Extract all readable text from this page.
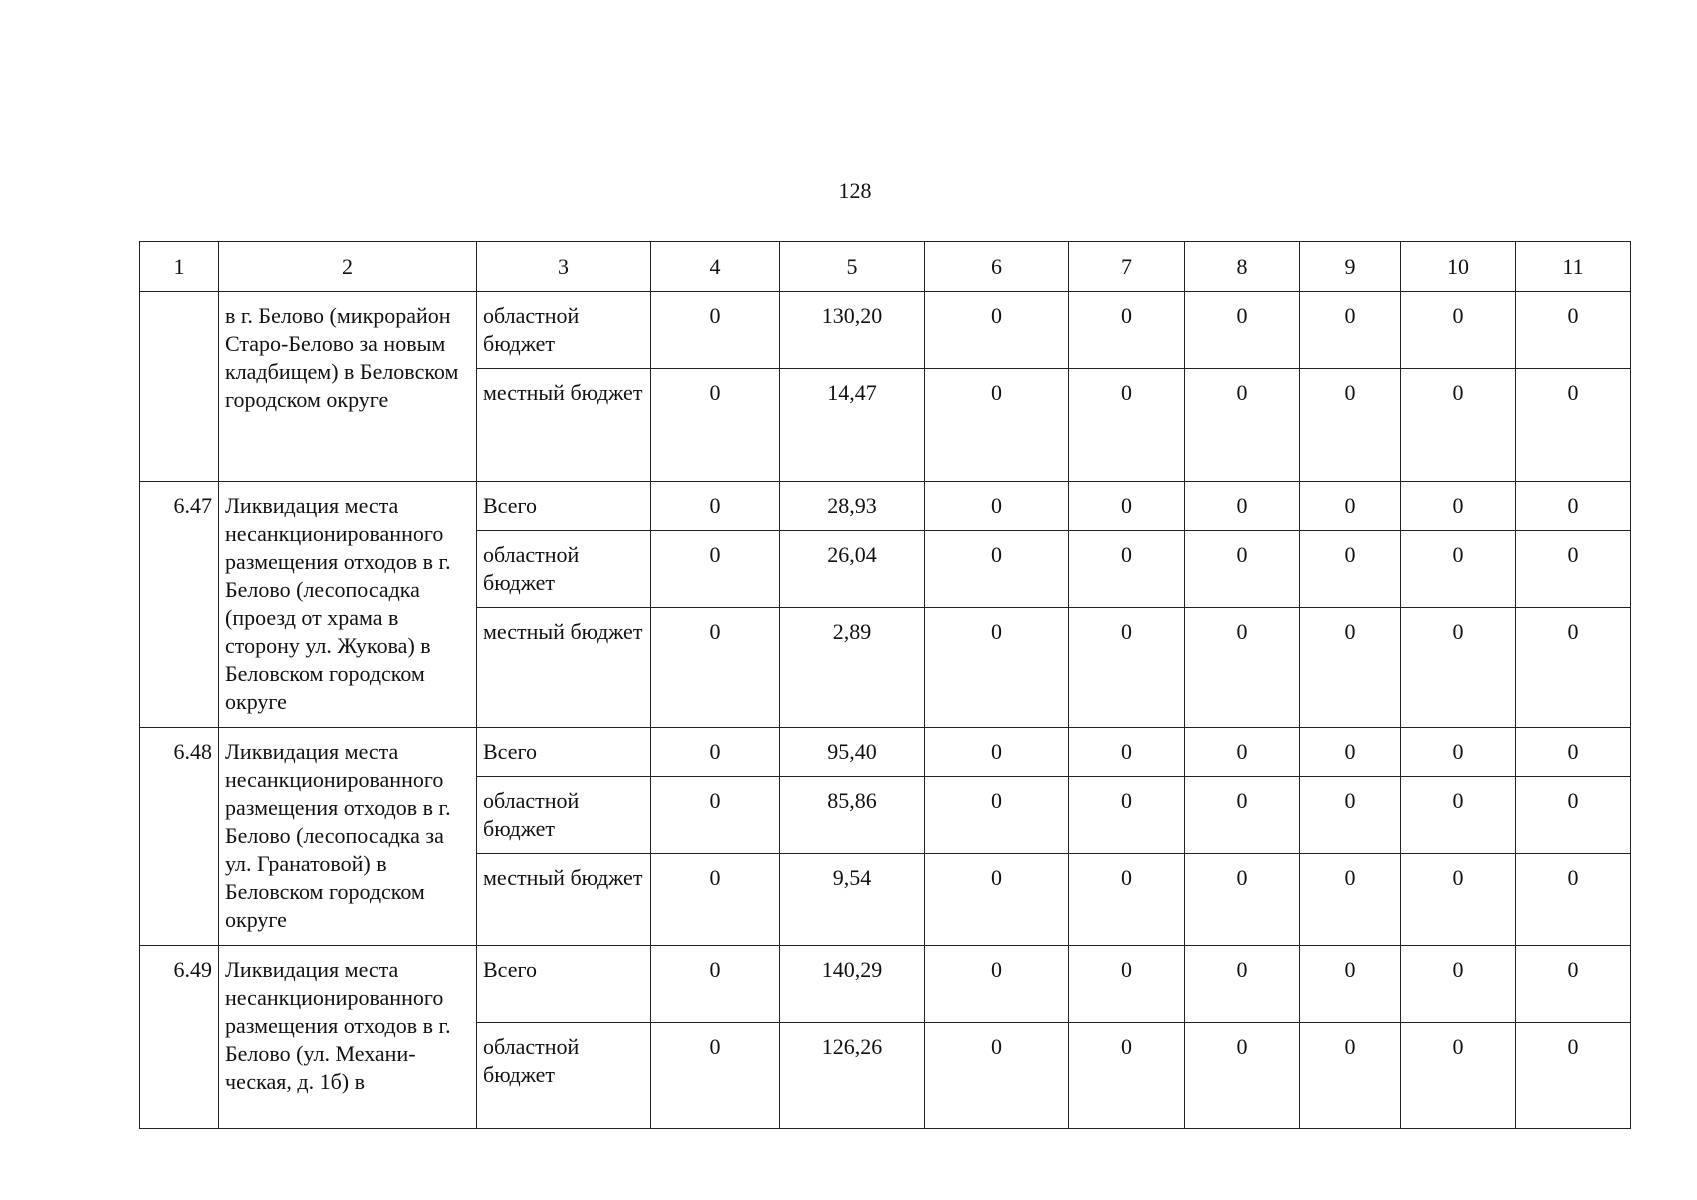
128
1	2	3	4	5	6	7	8	9	10	11
	в г. Белово (микрорайон Старо-Белово за новым кладбищем) в Беловском городском округе	областной бюджет	0	130,20	0	0	0	0	0	0
		местный бюджет	0	14,47	0	0	0	0	0	0
6.47	Ликвидация места несанкционированного размещения отходов в г. Белово (лесопосадка (проезд от храма в сторону ул. Жукова) в Беловском городском округе	Всего	0	28,93	0	0	0	0	0	0
		областной бюджет	0	26,04	0	0	0	0	0	0
		местный бюджет	0	2,89	0	0	0	0	0	0
6.48	Ликвидация места несанкционированного размещения отходов в г. Белово (лесопосадка за ул. Гранатовой) в Беловском городском округе	Всего	0	95,40	0	0	0	0	0	0
		областной бюджет	0	85,86	0	0	0	0	0	0
		местный бюджет	0	9,54	0	0	0	0	0	0
6.49	Ликвидация места несанкционированного размещения отходов в г. Белово (ул. Механи-ческая, д. 1б) в	Всего	0	140,29	0	0	0	0	0	0
		областной бюджет	0	126,26	0	0	0	0	0	0
